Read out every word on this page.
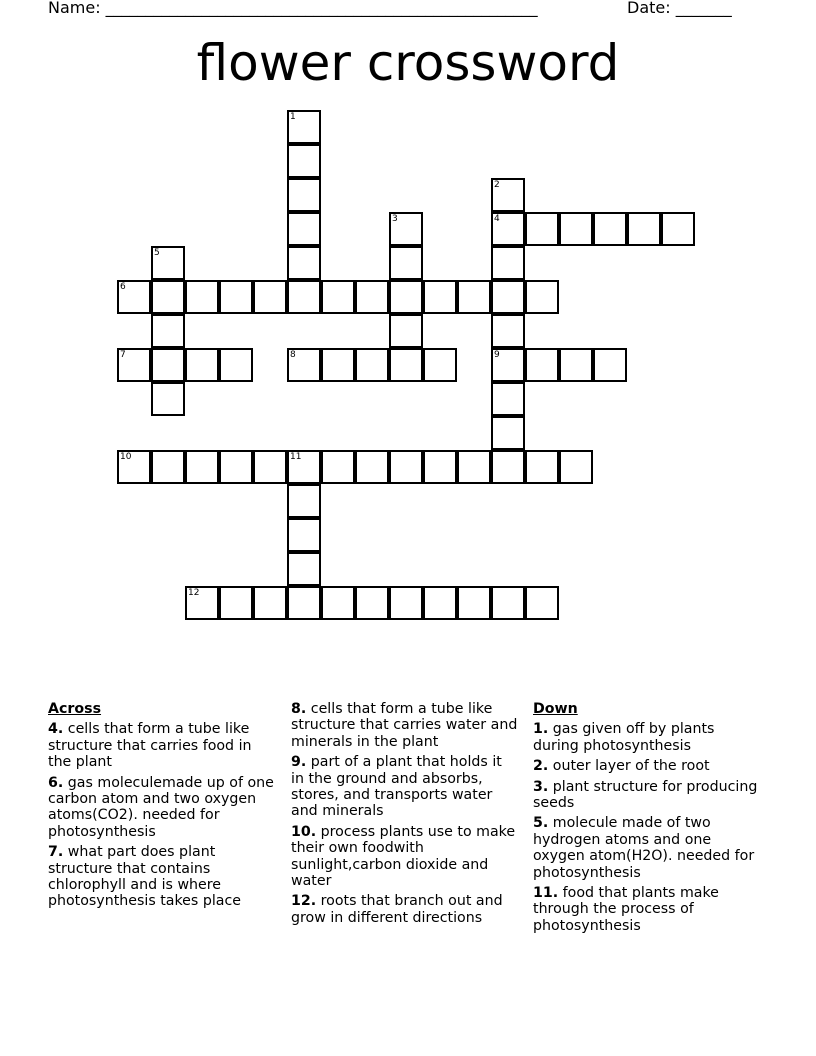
Name: ______________________________________________________	Date: _______
flower crossword
1
2
4
9
3
5
6
7	8
10	11
12
Across
4. cells that form a tube like structure that carries food in the plant
6. gas moleculemade up of one carbon atom and two oxygen atoms(CO2). needed for photosynthesis
7. what part does plant structure that contains chlorophyll and is where photosynthesis takes place
8. cells that form a tube like structure that carries water and minerals in the plant
9. part of a plant that holds it in the ground and absorbs, stores, and transports water and minerals
10. process plants use to make their own foodwith sunlight,carbon dioxide and water
12. roots that branch out and grow in different directions
Down
1. gas given off by plants during photosynthesis
2. outer layer of the root
3. plant structure for producing seeds
5. molecule made of two hydrogen atoms and one oxygen atom(H2O). needed for photosynthesis
11. food that plants make through the process of photosynthesis
